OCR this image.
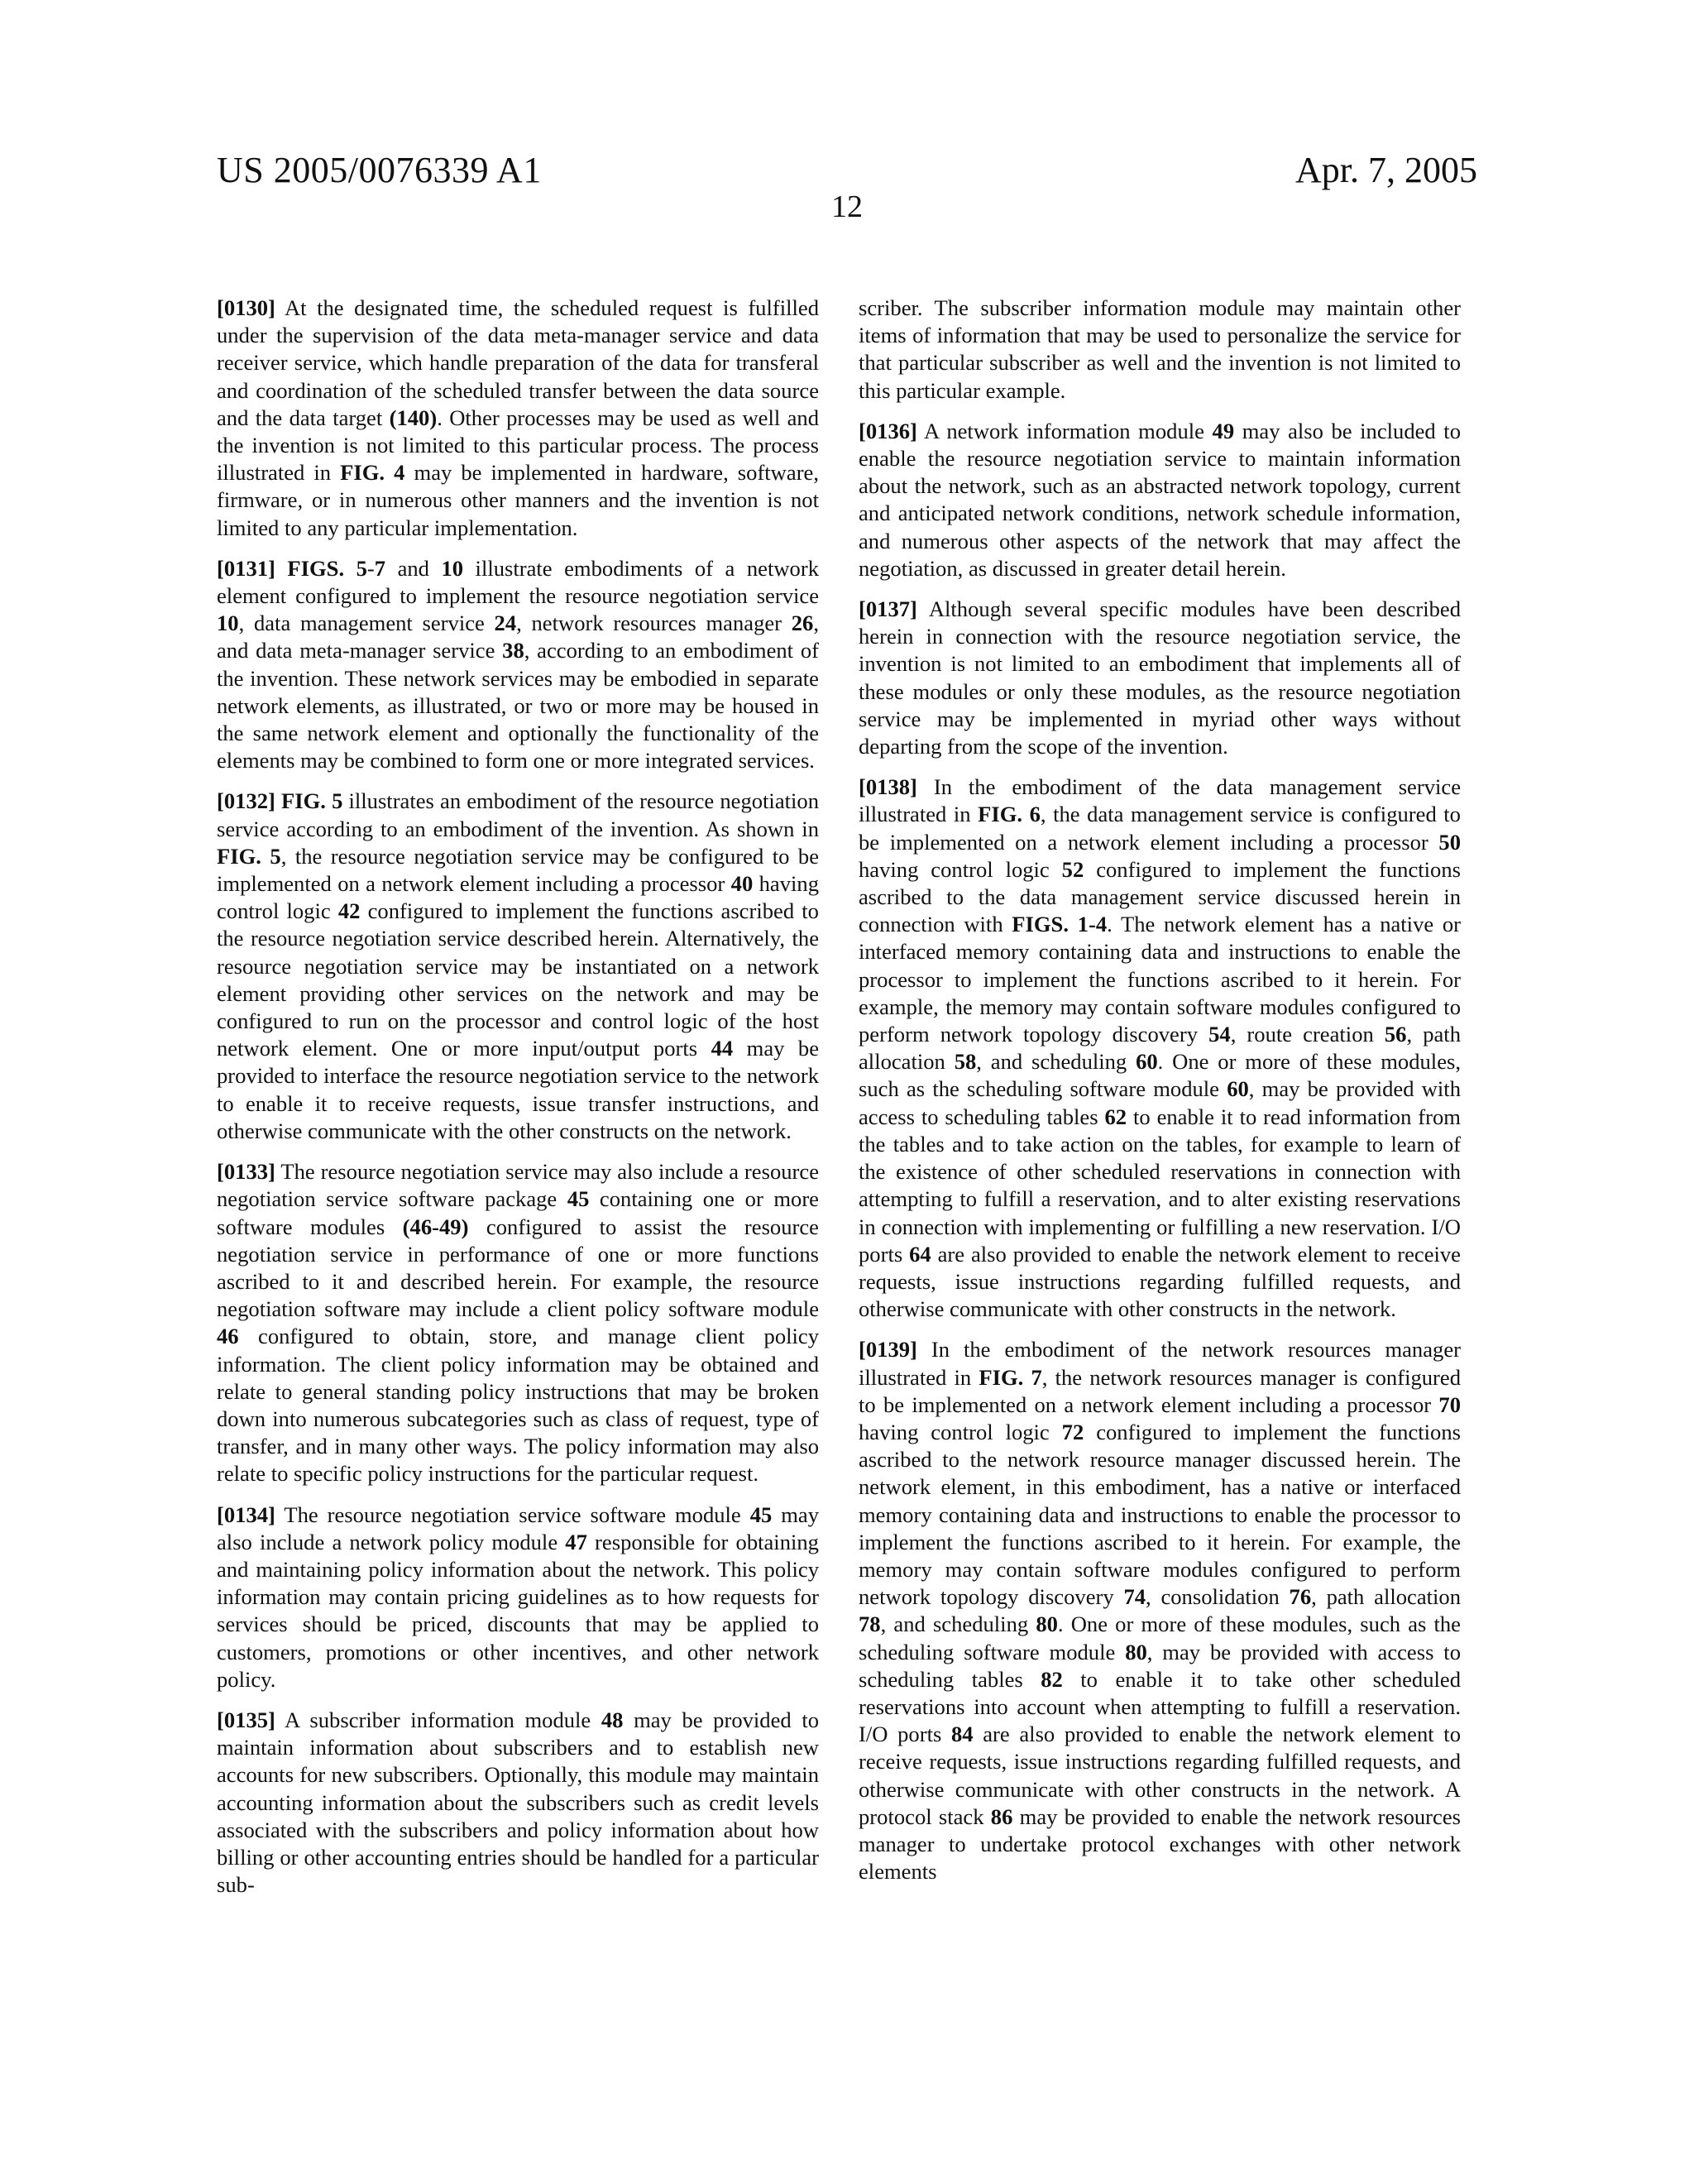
US 2005/0076339 A1	Apr. 7, 2005
12

[0130] At the designated time, the scheduled request is fulfilled under the supervision of the data meta-manager service and data receiver service, which handle preparation of the data for transferal and coordination of the scheduled transfer between the data source and the data target (140). Other processes may be used as well and the invention is not limited to this particular process. The process illustrated in FIG. 4 may be implemented in hardware, software, firmware, or in numerous other manners and the invention is not limited to any particular implementation.

[0131] FIGS. 5-7 and 10 illustrate embodiments of a network element configured to implement the resource negotiation service 10, data management service 24, network resources manager 26, and data meta-manager service 38, according to an embodiment of the invention. These network services may be embodied in separate network elements, as illustrated, or two or more may be housed in the same network element and optionally the functionality of the elements may be combined to form one or more integrated services.

[0132] FIG. 5 illustrates an embodiment of the resource negotiation service according to an embodiment of the invention. As shown in FIG. 5, the resource negotiation service may be configured to be implemented on a network element including a processor 40 having control logic 42 configured to implement the functions ascribed to the resource negotiation service described herein. Alternatively, the resource negotiation service may be instantiated on a network element providing other services on the network and may be configured to run on the processor and control logic of the host network element. One or more input/output ports 44 may be provided to interface the resource negotiation service to the network to enable it to receive requests, issue transfer instructions, and otherwise communicate with the other constructs on the network.

[0133] The resource negotiation service may also include a resource negotiation service software package 45 containing one or more software modules (46-49) configured to assist the resource negotiation service in performance of one or more functions ascribed to it and described herein. For example, the resource negotiation software may include a client policy software module 46 configured to obtain, store, and manage client policy information. The client policy information may be obtained and relate to general standing policy instructions that may be broken down into numerous subcategories such as class of request, type of transfer, and in many other ways. The policy information may also relate to specific policy instructions for the particular request.

[0134] The resource negotiation service software module 45 may also include a network policy module 47 responsible for obtaining and maintaining policy information about the network. This policy information may contain pricing guidelines as to how requests for services should be priced, discounts that may be applied to customers, promotions or other incentives, and other network policy.

[0135] A subscriber information module 48 may be provided to maintain information about subscribers and to establish new accounts for new subscribers. Optionally, this module may maintain accounting information about the subscribers such as credit levels associated with the subscribers and policy information about how billing or other accounting entries should be handled for a particular sub-

scriber. The subscriber information module may maintain other items of information that may be used to personalize the service for that particular subscriber as well and the invention is not limited to this particular example.

[0136] A network information module 49 may also be included to enable the resource negotiation service to maintain information about the network, such as an abstracted network topology, current and anticipated network conditions, network schedule information, and numerous other aspects of the network that may affect the negotiation, as discussed in greater detail herein.

[0137] Although several specific modules have been described herein in connection with the resource negotiation service, the invention is not limited to an embodiment that implements all of these modules or only these modules, as the resource negotiation service may be implemented in myriad other ways without departing from the scope of the invention.

[0138] In the embodiment of the data management service illustrated in FIG. 6, the data management service is configured to be implemented on a network element including a processor 50 having control logic 52 configured to implement the functions ascribed to the data management service discussed herein in connection with FIGS. 1-4. The network element has a native or interfaced memory containing data and instructions to enable the processor to implement the functions ascribed to it herein. For example, the memory may contain software modules configured to perform network topology discovery 54, route creation 56, path allocation 58, and scheduling 60. One or more of these modules, such as the scheduling software module 60, may be provided with access to scheduling tables 62 to enable it to read information from the tables and to take action on the tables, for example to learn of the existence of other scheduled reservations in connection with attempting to fulfill a reservation, and to alter existing reservations in connection with implementing or fulfilling a new reservation. I/O ports 64 are also provided to enable the network element to receive requests, issue instructions regarding fulfilled requests, and otherwise communicate with other constructs in the network.

[0139] In the embodiment of the network resources manager illustrated in FIG. 7, the network resources manager is configured to be implemented on a network element including a processor 70 having control logic 72 configured to implement the functions ascribed to the network resource manager discussed herein. The network element, in this embodiment, has a native or interfaced memory containing data and instructions to enable the processor to implement the functions ascribed to it herein. For example, the memory may contain software modules configured to perform network topology discovery 74, consolidation 76, path allocation 78, and scheduling 80. One or more of these modules, such as the scheduling software module 80, may be provided with access to scheduling tables 82 to enable it to take other scheduled reservations into account when attempting to fulfill a reservation. I/O ports 84 are also provided to enable the network element to receive requests, issue instructions regarding fulfilled requests, and otherwise communicate with other constructs in the network. A protocol stack 86 may be provided to enable the network resources manager to undertake protocol exchanges with other network elements
